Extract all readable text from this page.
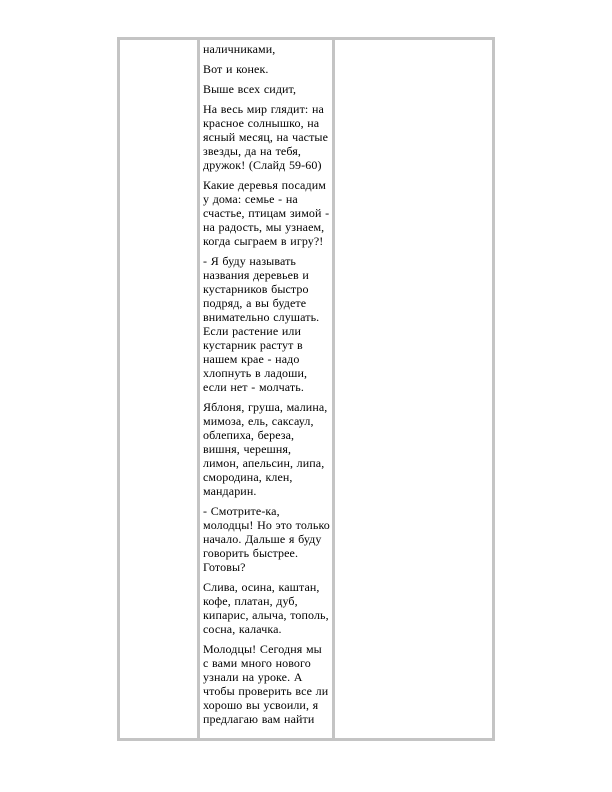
наличниками,

Вот и конек.

Выше всех сидит,

На весь мир глядит: на красное солнышко, на ясный месяц, на частые звезды, да на тебя, дружок! (Слайд 59-60)

Какие деревья посадим у дома: семье - на счастье, птицам зимой - на радость, мы узнаем, когда сыграем в игру?!

- Я буду называть названия деревьев и кустарников быстро подряд, а вы будете внимательно слушать. Если растение или кустарник растут в нашем крае - надо хлопнуть в ладоши, если нет - молчать.

Яблоня, груша, малина, мимоза, ель, саксаул, облепиха, береза, вишня, черешня, лимон, апельсин, липа, смородина, клен, мандарин.

- Смотрите-ка, молодцы! Но это только начало. Дальше я буду говорить быстрее. Готовы?

Слива, осина, каштан, кофе, платан, дуб, кипарис, алыча, тополь, сосна, калачка.

Молодцы! Сегодня мы с вами много нового узнали на уроке. А чтобы проверить все ли хорошо вы усвоили, я предлагаю вам найти
